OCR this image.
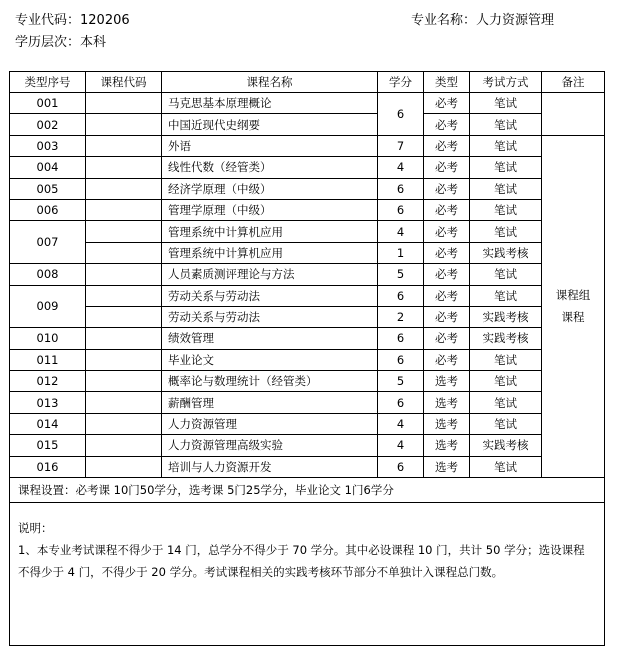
专业代码：120206
学历层次：本科
专业名称：人力资源管理
类型序号	课程代码	课程名称	学分	类型	考试方式	备注
001		马克思基本原理概论	6	必考	笔试	
002		中国近现代史纲要		必考	笔试	
003		外语	7	必考	笔试	课程组
课程
004		线性代数（经管类）	4	必考	笔试	
005		经济学原理（中级）	6	必考	笔试	
006		管理学原理（中级）	6	必考	笔试	
007		管理系统中计算机应用	4	必考	笔试	
		管理系统中计算机应用	1	必考	实践考核	
008		人员素质测评理论与方法	5	必考	笔试	
009		劳动关系与劳动法	6	必考	笔试	
		劳动关系与劳动法	2	必考	实践考核	
010		绩效管理	6	必考	实践考核	
011		毕业论文	6	必考	笔试	
012		概率论与数理统计（经管类）	5	选考	笔试	
013		薪酬管理	6	选考	笔试	
014		人力资源管理	4	选考	笔试	
015		人力资源管理高级实验	4	选考	实践考核	
016		培训与人力资源开发	6	选考	笔试	
课程设置：必考课 10门50学分，选考课 5门25学分，毕业论文 1门6学分						

说明：
1、本专业考试课程不得少于 14 门，总学分不得少于 70 学分。其中必设课程 10 门，共计 50 学分；选设课程不得少于 4 门，不得少于 20 学分。考试课程相关的实践考核环节部分不单独计入课程总门数。						
